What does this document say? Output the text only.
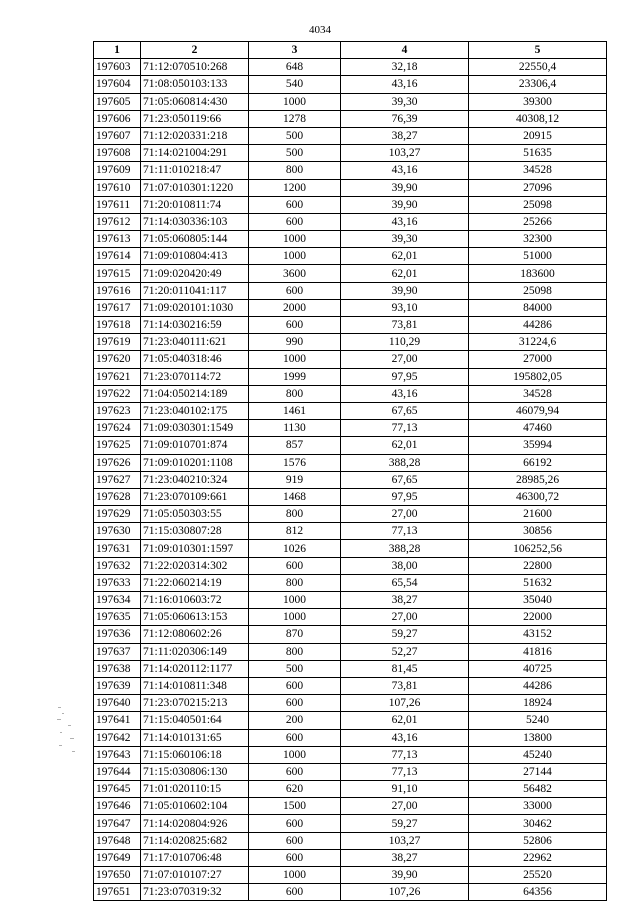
4034
1	2	3	4	5
197603	71:12:070510:268	648	32,18	22550,4
197604	71:08:050103:133	540	43,16	23306,4
197605	71:05:060814:430	1000	39,30	39300
197606	71:23:050119:66	1278	76,39	40308,12
197607	71:12:020331:218	500	38,27	20915
197608	71:14:021004:291	500	103,27	51635
197609	71:11:010218:47	800	43,16	34528
197610	71:07:010301:1220	1200	39,90	27096
197611	71:20:010811:74	600	39,90	25098
197612	71:14:030336:103	600	43,16	25266
197613	71:05:060805:144	1000	39,30	32300
197614	71:09:010804:413	1000	62,01	51000
197615	71:09:020420:49	3600	62,01	183600
197616	71:20:011041:117	600	39,90	25098
197617	71:09:020101:1030	2000	93,10	84000
197618	71:14:030216:59	600	73,81	44286
197619	71:23:040111:621	990	110,29	31224,6
197620	71:05:040318:46	1000	27,00	27000
197621	71:23:070114:72	1999	97,95	195802,05
197622	71:04:050214:189	800	43,16	34528
197623	71:23:040102:175	1461	67,65	46079,94
197624	71:09:030301:1549	1130	77,13	47460
197625	71:09:010701:874	857	62,01	35994
197626	71:09:010201:1108	1576	388,28	66192
197627	71:23:040210:324	919	67,65	28985,26
197628	71:23:070109:661	1468	97,95	46300,72
197629	71:05:050303:55	800	27,00	21600
197630	71:15:030807:28	812	77,13	30856
197631	71:09:010301:1597	1026	388,28	106252,56
197632	71:22:020314:302	600	38,00	22800
197633	71:22:060214:19	800	65,54	51632
197634	71:16:010603:72	1000	38,27	35040
197635	71:05:060613:153	1000	27,00	22000
197636	71:12:080602:26	870	59,27	43152
197637	71:11:020306:149	800	52,27	41816
197638	71:14:020112:1177	500	81,45	40725
197639	71:14:010811:348	600	73,81	44286
197640	71:23:070215:213	600	107,26	18924
197641	71:15:040501:64	200	62,01	5240
197642	71:14:010131:65	600	43,16	13800
197643	71:15:060106:18	1000	77,13	45240
197644	71:15:030806:130	600	77,13	27144
197645	71:01:020110:15	620	91,10	56482
197646	71:05:010602:104	1500	27,00	33000
197647	71:14:020804:926	600	59,27	30462
197648	71:14:020825:682	600	103,27	52806
197649	71:17:010706:48	600	38,27	22962
197650	71:07:010107:27	1000	39,90	25520
197651	71:23:070319:32	600	107,26	64356
